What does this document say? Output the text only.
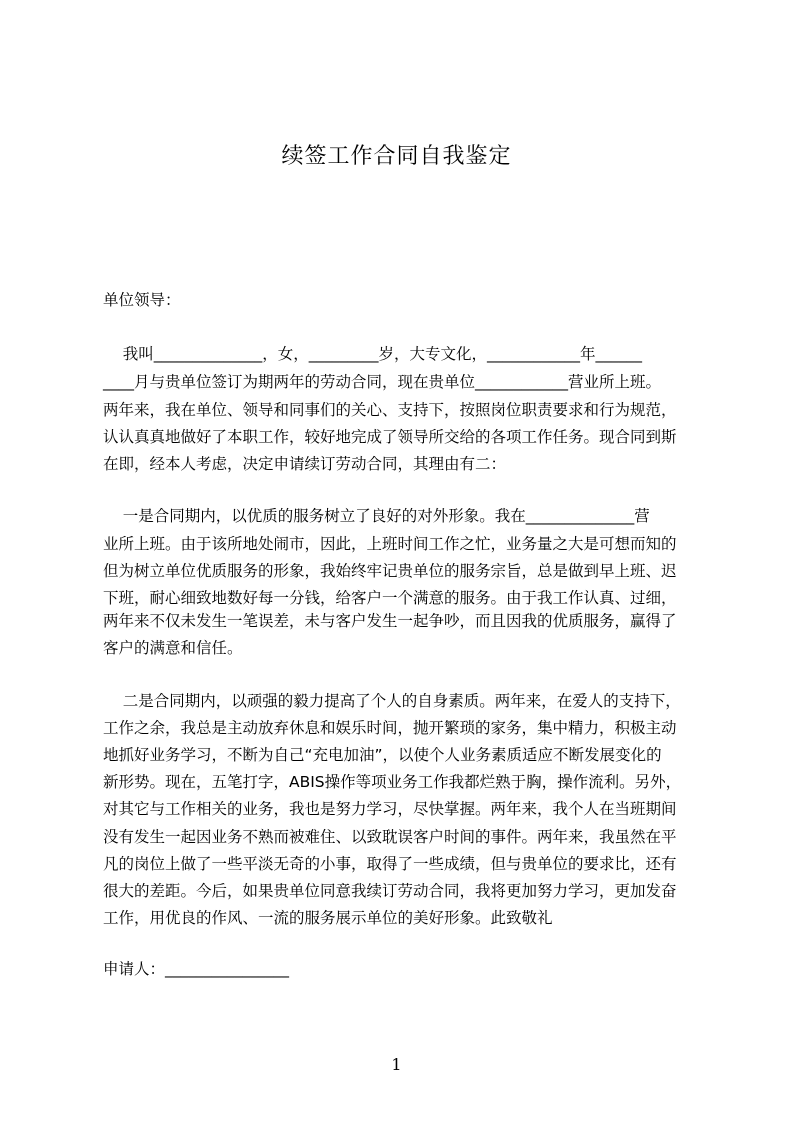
续签工作合同自我鉴定
单位领导：
我叫______________，女，_________岁，大专文化，____________年______
____月与贵单位签订为期两年的劳动合同，现在贵单位____________营业所上班。
两年来，我在单位、领导和同事们的关心、支持下，按照岗位职责要求和行为规范，
认认真真地做好了本职工作，较好地完成了领导所交给的各项工作任务。现合同到斯
在即，经本人考虑，决定申请续订劳动合同，其理由有二：
一是合同期内，以优质的服务树立了良好的对外形象。我在______________营
业所上班。由于该所地处闹市，因此，上班时间工作之忙，业务量之大是可想而知的
但为树立单位优质服务的形象，我始终牢记贵单位的服务宗旨，总是做到早上班、迟
下班，耐心细致地数好每一分钱，给客户一个满意的服务。由于我工作认真、过细，
两年来不仅未发生一笔误差，未与客户发生一起争吵，而且因我的优质服务，赢得了
客户的满意和信任。
二是合同期内，以顽强的毅力提高了个人的自身素质。两年来，在爱人的支持下，
工作之余，我总是主动放弃休息和娱乐时间，抛开繁琐的家务，集中精力，积极主动
地抓好业务学习，不断为自己“充电加油”，以使个人业务素质适应不断发展变化的
新形势。现在，五笔打字，ABIS操作等项业务工作我都烂熟于胸，操作流利。另外，
对其它与工作相关的业务，我也是努力学习，尽快掌握。两年来，我个人在当班期间
没有发生一起因业务不熟而被难住、以致耽误客户时间的事件。两年来，我虽然在平
凡的岗位上做了一些平淡无奇的小事，取得了一些成绩，但与贵单位的要求比，还有
很大的差距。今后，如果贵单位同意我续订劳动合同，我将更加努力学习，更加发奋
工作，用优良的作风、一流的服务展示单位的美好形象。此致敬礼
申请人：________________
1
